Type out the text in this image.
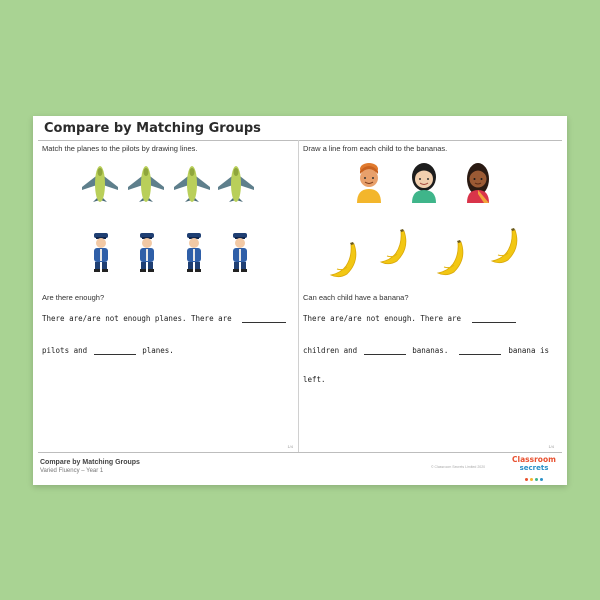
Compare by Matching Groups
Match the planes to the pilots by drawing lines.
Are there enough?
There are/are not enough planes. There are
pilots and	planes.
1/4
Draw a line from each child to the bananas.
Can each child have a banana?
There are/are not enough. There are
children and	bananas.	banana is
left.
1/4
Compare by Matching Groups
Varied Fluency – Year 1
© Classroom Secrets Limited 2020
Classroom
secrets
